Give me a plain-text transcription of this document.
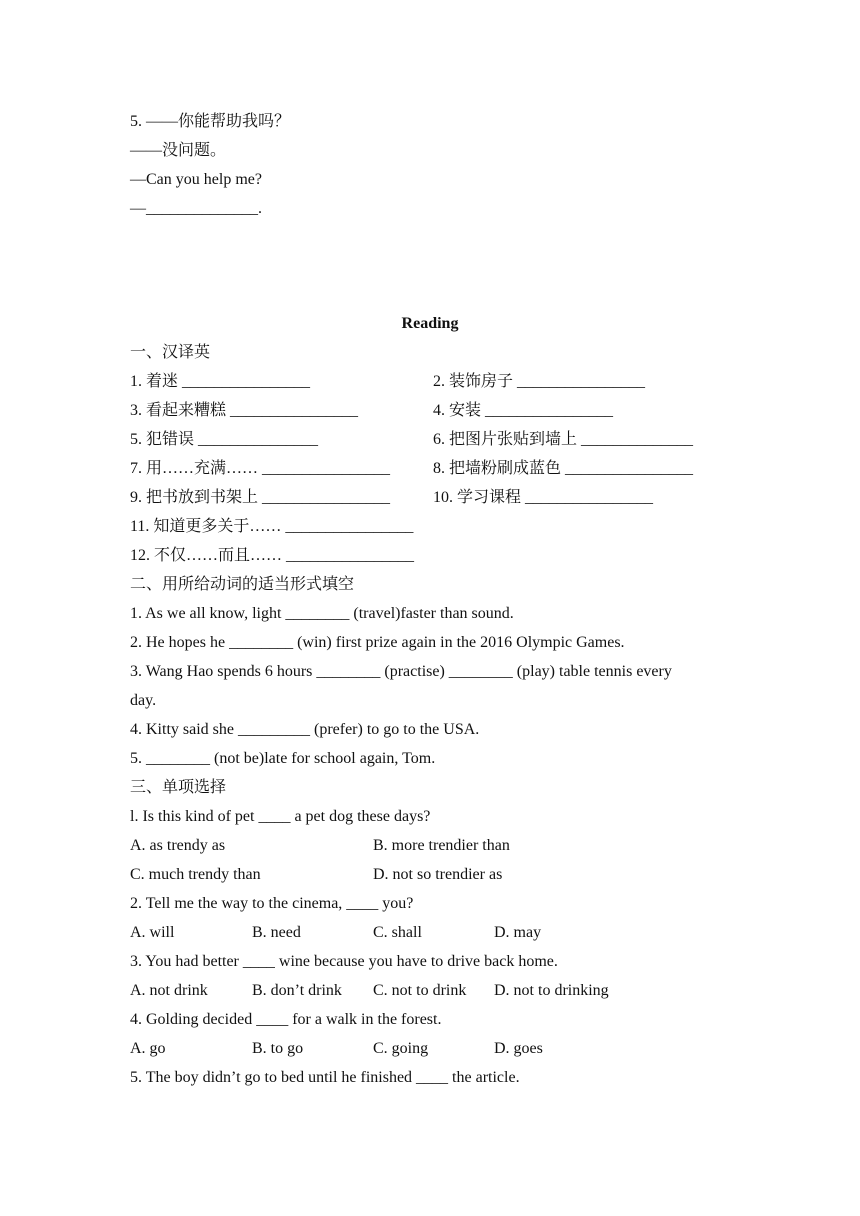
5. ——你能帮助我吗？
——没问题。
—Can you help me?
—______________.
Reading
一、汉译英
1. 着迷 ________________	2. 装饰房子 ________________
3. 看起来糟糕 ________________	4. 安装 ________________
5. 犯错误 _______________	6. 把图片张贴到墙上 ______________
7. 用……充满…… ________________	8. 把墙粉刷成蓝色 ________________
9. 把书放到书架上 ________________	10. 学习课程 ________________
11. 知道更多关于…… ________________
12. 不仅……而且…… ________________
二、用所给动词的适当形式填空
1. As we all know, light ________ (travel)faster than sound.
2. He hopes he ________ (win) first prize again in the 2016 Olympic Games.
3. Wang Hao spends 6 hours ________ (practise) ________ (play) table tennis every
day.
4. Kitty said she _________ (prefer) to go to the USA.
5. ________ (not be)late for school again, Tom.
三、单项选择
l. Is this kind of pet ____ a pet dog these days?
A. as trendy as	B. more trendier than
C. much trendy than	D. not so trendier as
2. Tell me the way to the cinema, ____ you?
A. will	B. need	C. shall	D. may
3. You had better ____ wine because you have to drive back home.
A. not drink	B. don’t drink C. not to drink D. not to drinking
4. Golding decided ____ for a walk in the forest.
A. go	B. to go	C. going	D. goes
5. The boy didn’t go to bed until he finished ____ the article.
